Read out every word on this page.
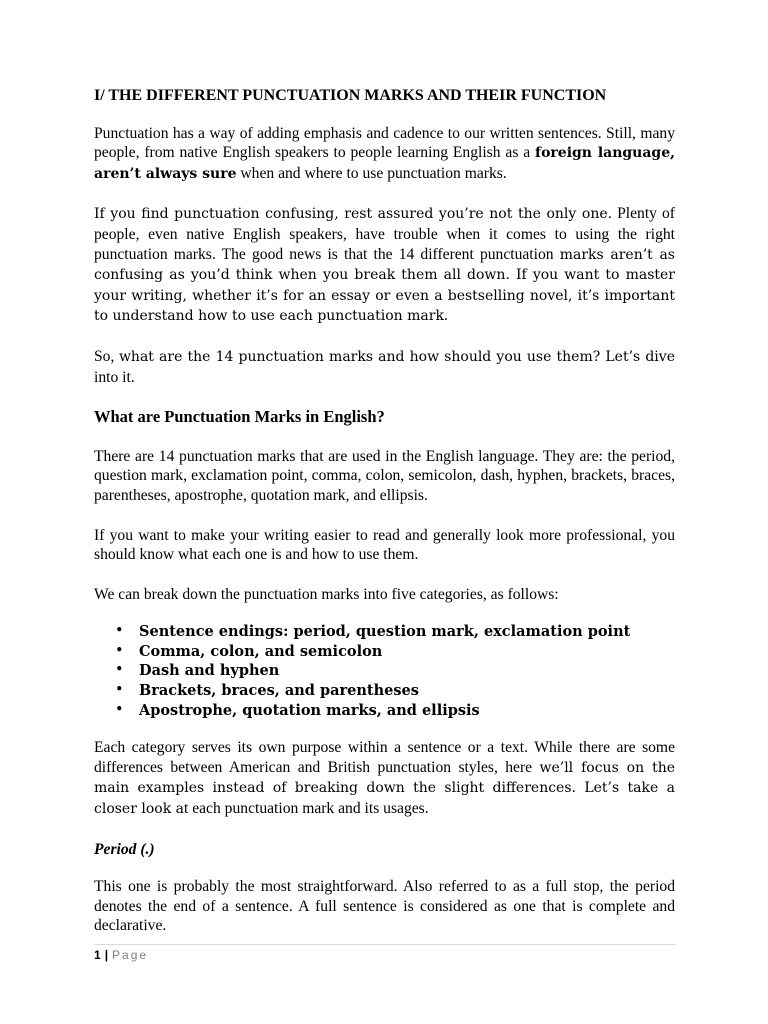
I/ THE DIFFERENT PUNCTUATION MARKS AND THEIR FUNCTION

Punctuation has a way of adding emphasis and cadence to our written sentences. Still, many people, from native English speakers to people learning English as a foreign language, aren’t always sure when and where to use punctuation marks.

If you find punctuation confusing, rest assured you’re not the only one. Plenty of people, even native English speakers, have trouble when it comes to using the right punctuation marks. The good news is that the 14 different punctuation marks aren’t as confusing as you’d think when you break them all down. If you want to master your writing, whether it’s for an essay or even a bestselling novel, it’s important to understand how to use each punctuation mark.

So, what are the 14 punctuation marks and how should you use them? Let’s dive into it.

What are Punctuation Marks in English?

There are 14 punctuation marks that are used in the English language. They are: the period, question mark, exclamation point, comma, colon, semicolon, dash, hyphen, brackets, braces, parentheses, apostrophe, quotation mark, and ellipsis.

If you want to make your writing easier to read and generally look more professional, you should know what each one is and how to use them.

We can break down the punctuation marks into five categories, as follows:

• Sentence endings: period, question mark, exclamation point
• Comma, colon, and semicolon
• Dash and hyphen
• Brackets, braces, and parentheses
• Apostrophe, quotation marks, and ellipsis

Each category serves its own purpose within a sentence or a text. While there are some differences between American and British punctuation styles, here we’ll focus on the main examples instead of breaking down the slight differences. Let’s take a closer look at each punctuation mark and its usages.

Period (.)

This one is probably the most straightforward. Also referred to as a full stop, the period denotes the end of a sentence. A full sentence is considered as one that is complete and declarative.

1 | Page
